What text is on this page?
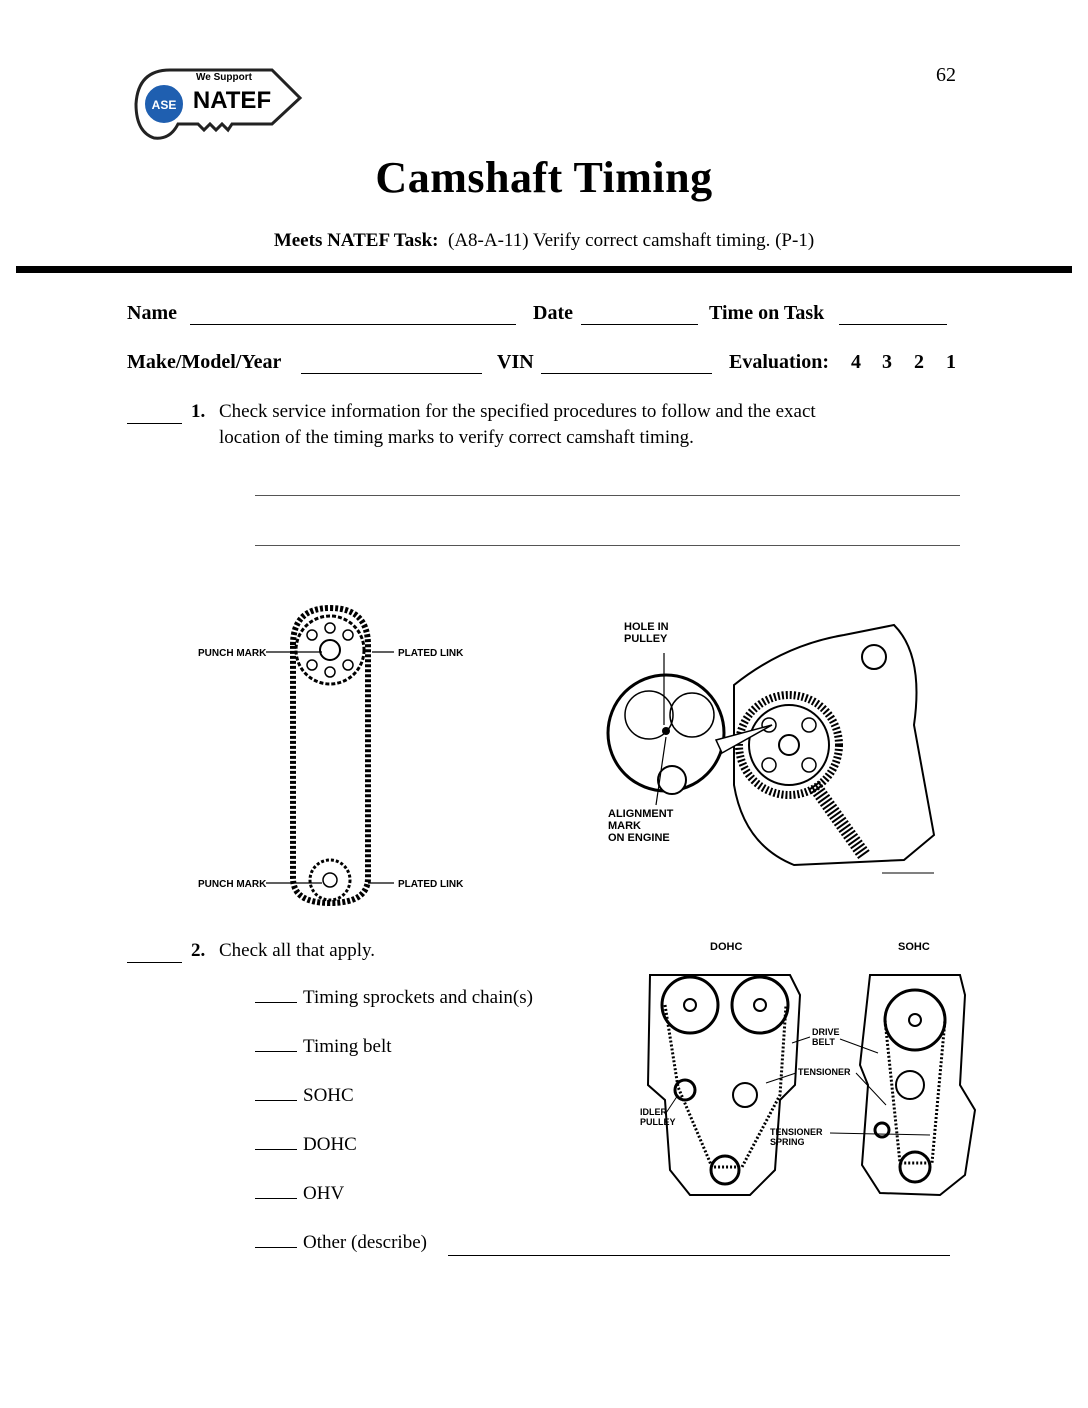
62
ASE
We Support
NATEF
Camshaft Timing
Meets NATEF Task: (A8-A-11) Verify correct camshaft timing. (P-1)
Name	Date	Time on Task
Make/Model/Year	VIN	Evaluation: 4 3 2 1
1. Check service information for the specified procedures to follow and the exact
location of the timing marks to verify correct camshaft timing.
PUNCH MARK	PLATED LINK
PUNCH MARK	PLATED LINK
HOLE IN
PULLEY
ALIGNMENT
MARK
ON ENGINE
2. Check all that apply.
Timing sprockets and chain(s)
Timing belt
SOHC
DOHC
OHV
Other (describe)
DOHC	SOHC
DRIVE
BELT
TENSIONER
IDLER
PULLEY
TENSIONER
SPRING
